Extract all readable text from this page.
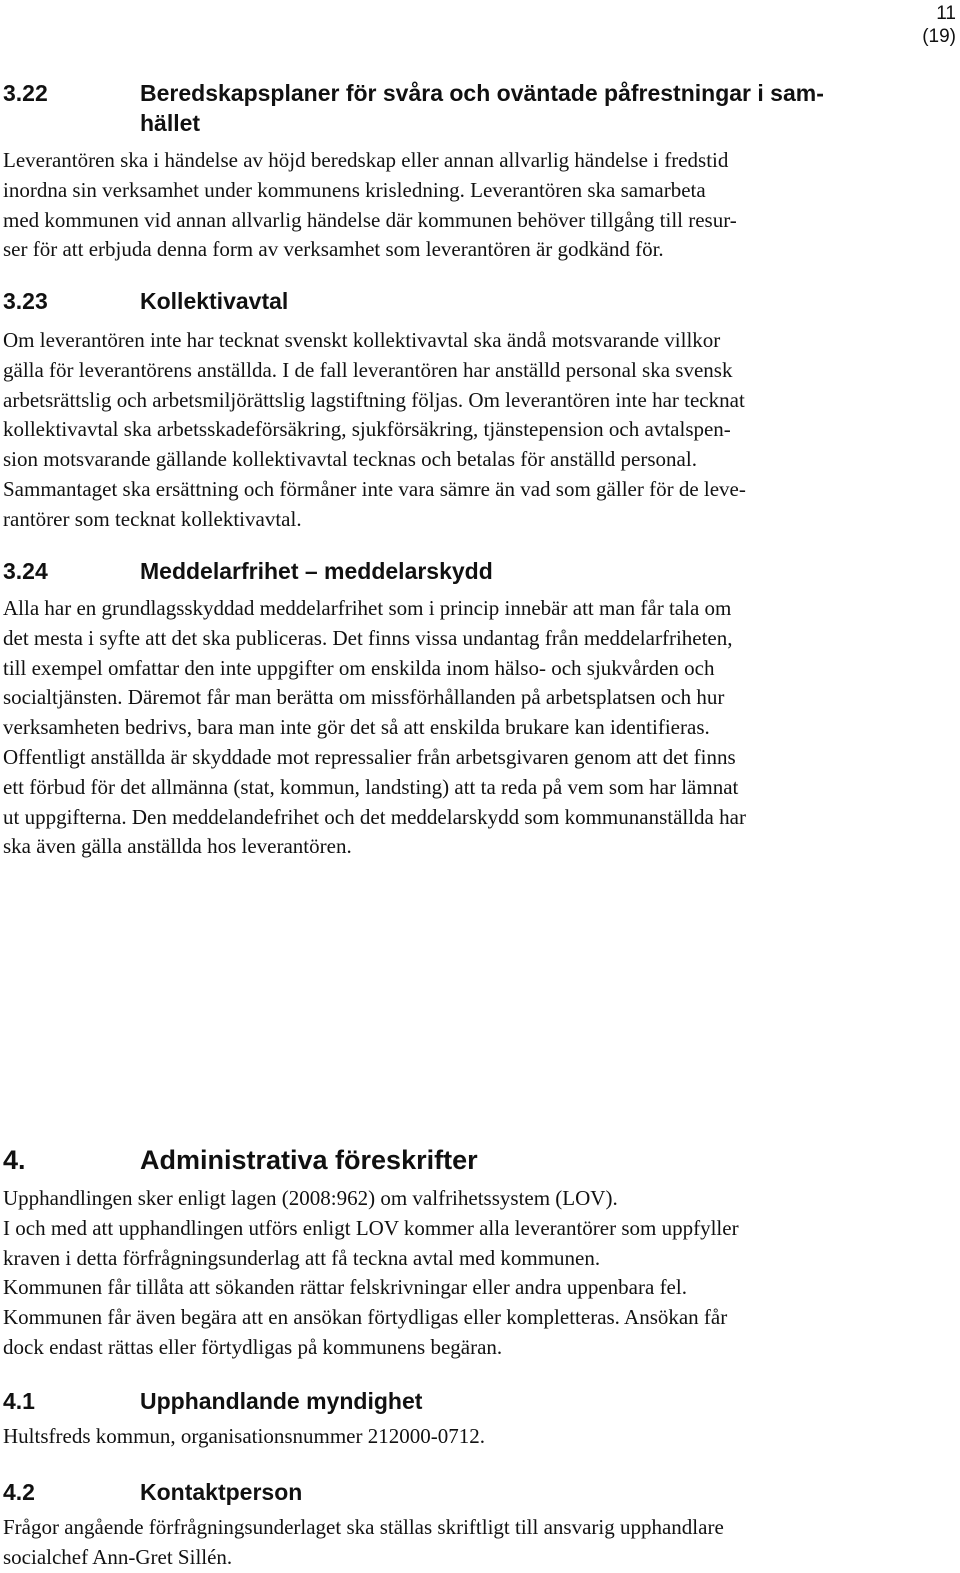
11
(19)
3.22	Beredskapsplaner för svåra och oväntade påfrestningar i sam-
hället

Leverantören ska i händelse av höjd beredskap eller annan allvarlig händelse i fredstid
inordna sin verksamhet under kommunens krisledning. Leverantören ska samarbeta
med kommunen vid annan allvarlig händelse där kommunen behöver tillgång till resur-
ser för att erbjuda denna form av verksamhet som leverantören är godkänd för.

3.23	Kollektivavtal

Om leverantören inte har tecknat svenskt kollektivavtal ska ändå motsvarande villkor
gälla för leverantörens anställda. I de fall leverantören har anställd personal ska svensk
arbetsrättslig och arbetsmiljörättslig lagstiftning följas. Om leverantören inte har tecknat
kollektivavtal ska arbetsskadeförsäkring, sjukförsäkring, tjänstepension och avtalspen-
sion motsvarande gällande kollektivavtal tecknas och betalas för anställd personal.
Sammantaget ska ersättning och förmåner inte vara sämre än vad som gäller för de leve-
rantörer som tecknat kollektivavtal.

3.24	Meddelarfrihet – meddelarskydd

Alla har en grundlagsskyddad meddelarfrihet som i princip innebär att man får tala om
det mesta i syfte att det ska publiceras. Det finns vissa undantag från meddelarfriheten,
till exempel omfattar den inte uppgifter om enskilda inom hälso- och sjukvården och
socialtjänsten. Däremot får man berätta om missförhållanden på arbetsplatsen och hur
verksamheten bedrivs, bara man inte gör det så att enskilda brukare kan identifieras.
Offentligt anställda är skyddade mot repressalier från arbetsgivaren genom att det finns
ett förbud för det allmänna (stat, kommun, landsting) att ta reda på vem som har lämnat
ut uppgifterna. Den meddelandefrihet och det meddelarskydd som kommunanställda har
ska även gälla anställda hos leverantören.

4.	Administrativa föreskrifter

Upphandlingen sker enligt lagen (2008:962) om valfrihetssystem (LOV).
I och med att upphandlingen utförs enligt LOV kommer alla leverantörer som uppfyller
kraven i detta förfrågningsunderlag att få teckna avtal med kommunen.
Kommunen får tillåta att sökanden rättar felskrivningar eller andra uppenbara fel.
Kommunen får även begära att en ansökan förtydligas eller kompletteras. Ansökan får
dock endast rättas eller förtydligas på kommunens begäran.

4.1	Upphandlande myndighet

Hultsfreds kommun, organisationsnummer 212000-0712.

4.2	Kontaktperson

Frågor angående förfrågningsunderlaget ska ställas skriftligt till ansvarig upphandlare
socialchef Ann-Gret Sillén.
